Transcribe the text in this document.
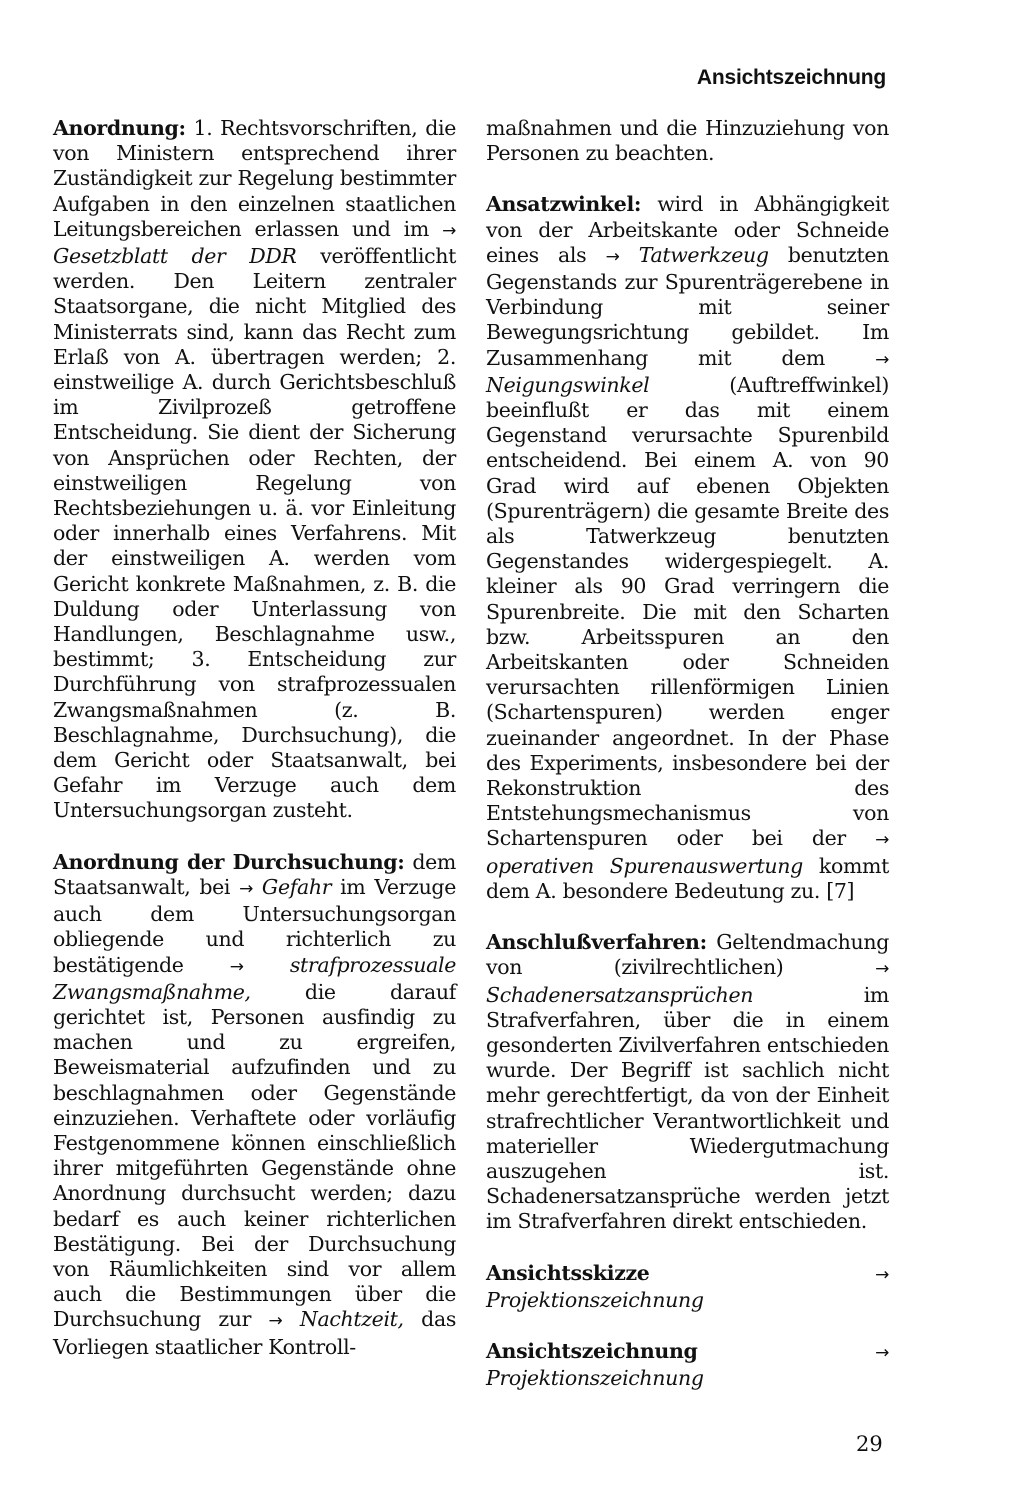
Ansichtszeichnung

Anordnung: 1. Rechtsvorschriften, die von Ministern entsprechend ihrer Zuständigkeit zur Regelung bestimmter Aufgaben in den einzelnen staatlichen Leitungsbereichen erlassen und im → Gesetzblatt der DDR veröffentlicht werden. Den Leitern zentraler Staatsorgane, die nicht Mitglied des Ministerrats sind, kann das Recht zum Erlaß von A. übertragen werden; 2. einstweilige A. durch Gerichtsbeschluß im Zivilprozeß getroffene Entscheidung. Sie dient der Sicherung von Ansprüchen oder Rechten, der einstweiligen Regelung von Rechtsbeziehungen u. ä. vor Einleitung oder innerhalb eines Verfahrens. Mit der einstweiligen A. werden vom Gericht konkrete Maßnahmen, z. B. die Duldung oder Unterlassung von Handlungen, Beschlagnahme usw., bestimmt; 3. Entscheidung zur Durchführung von strafprozessualen Zwangsmaßnahmen (z. B. Beschlagnahme, Durchsuchung), die dem Gericht oder Staatsanwalt, bei Gefahr im Verzuge auch dem Untersuchungsorgan zusteht.

Anordnung der Durchsuchung: dem Staatsanwalt, bei → Gefahr im Verzuge auch dem Untersuchungsorgan obliegende und richterlich zu bestätigende → strafprozessuale Zwangsmaßnahme, die darauf gerichtet ist, Personen ausfindig zu machen und zu ergreifen, Beweismaterial aufzufinden und zu beschlagnahmen oder Gegenstände einzuziehen. Verhaftete oder vorläufig Festgenommene können einschließlich ihrer mitgeführten Gegenstände ohne Anordnung durchsucht werden; dazu bedarf es auch keiner richterlichen Bestätigung. Bei der Durchsuchung von Räumlichkeiten sind vor allem auch die Bestimmungen über die Durchsuchung zur → Nachtzeit, das Vorliegen staatlicher Kontroll-

maßnahmen und die Hinzuziehung von Personen zu beachten.

Ansatzwinkel: wird in Abhängigkeit von der Arbeitskante oder Schneide eines als → Tatwerkzeug benutzten Gegenstands zur Spurenträgerebene in Verbindung mit seiner Bewegungsrichtung gebildet. Im Zusammenhang mit dem → Neigungswinkel (Auftreffwinkel) beeinflußt er das mit einem Gegenstand verursachte Spurenbild entscheidend. Bei einem A. von 90 Grad wird auf ebenen Objekten (Spurenträgern) die gesamte Breite des als Tatwerkzeug benutzten Gegenstandes widergespiegelt. A. kleiner als 90 Grad verringern die Spurenbreite. Die mit den Scharten bzw. Arbeitsspuren an den Arbeitskanten oder Schneiden verursachten rillenförmigen Linien (Schartenspuren) werden enger zueinander angeordnet. In der Phase des Experiments, insbesondere bei der Rekonstruktion des Entstehungsmechanismus von Schartenspuren oder bei der → operativen Spurenauswertung kommt dem A. besondere Bedeutung zu. [7]

Anschlußverfahren: Geltendmachung von (zivilrechtlichen) → Schadenersatzansprüchen im Strafverfahren, über die in einem gesonderten Zivilverfahren entschieden wurde. Der Begriff ist sachlich nicht mehr gerechtfertigt, da von der Einheit strafrechtlicher Verantwortlichkeit und materieller Wiedergutmachung auszugehen ist. Schadenersatzansprüche werden jetzt im Strafverfahren direkt entschieden.

Ansichtsskizze → Projektionszeichnung

Ansichtszeichnung → Projektionszeichnung

29
